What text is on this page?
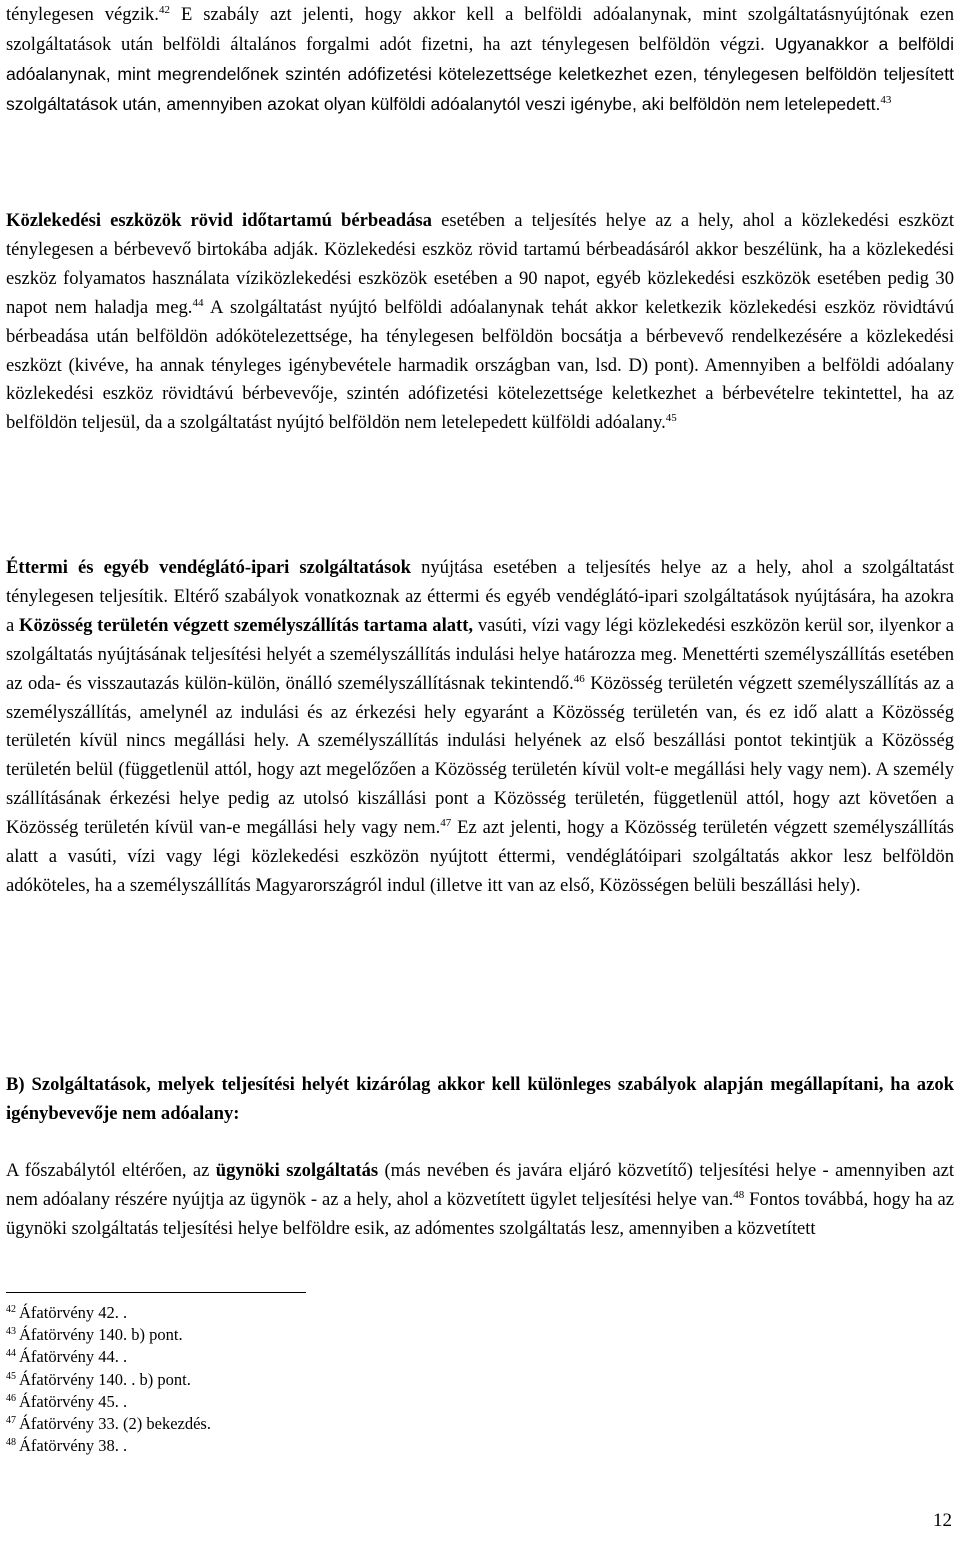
ténylegesen végzik.$^{42}$ E szabály azt jelenti, hogy akkor kell a belföldi adóalanynak, mint szolgáltatásnyújtónak ezen szolgáltatások után belföldi általános forgalmi adót fizetni, ha azt ténylegesen belföldön végzi. Ugyanakkor a belföldi adóalanynak, mint megrendelőnek szintén adófizetési kötelezettsége keletkezhet ezen, ténylegesen belföldön teljesített szolgáltatások után, amennyiben azokat olyan külföldi adóalanytól veszi igénybe, aki belföldön nem letelepedett.$^{43}$

Közlekedési eszközök rövid időtartamú bérbeadása esetében a teljesítés helye az a hely, ahol a közlekedési eszközt ténylegesen a bérbevevő birtokába adják. Közlekedési eszköz rövid tartamú bérbeadásáról akkor beszélünk, ha a közlekedési eszköz folyamatos használata víziközlekedési eszközök esetében a 90 napot, egyéb közlekedési eszközök esetében pedig 30 napot nem haladja meg.$^{44}$ A szolgáltatást nyújtó belföldi adóalanynak tehát akkor keletkezik közlekedési eszköz rövidtávú bérbeadása után belföldön adókötelezettsége, ha ténylegesen belföldön bocsátja a bérbevevő rendelkezésére a közlekedési eszközt (kivéve, ha annak tényleges igénybevétele harmadik országban van, lsd. D) pont). Amennyiben a belföldi adóalany közlekedési eszköz rövidtávú bérbevevője, szintén adófizetési kötelezettsége keletkezhet a bérbevételre tekintettel, ha az belföldön teljesül, da a szolgáltatást nyújtó belföldön nem letelepedett külföldi adóalany.$^{45}$

Éttermi és egyéb vendéglátó-ipari szolgáltatások nyújtása esetében a teljesítés helye az a hely, ahol a szolgáltatást ténylegesen teljesítik. Eltérő szabályok vonatkoznak az éttermi és egyéb vendéglátó-ipari szolgáltatások nyújtására, ha azokra a Közösség területén végzett személyszállítás tartama alatt, vasúti, vízi vagy légi közlekedési eszközön kerül sor, ilyenkor a szolgáltatás nyújtásának teljesítési helyét a személyszállítás indulási helye határozza meg. Menettérti személyszállítás esetében az oda- és visszautazás külön-külön, önálló személyszállításnak tekintendő.$^{46}$ Közösség területén végzett személyszállítás az a személyszállítás, amelynél az indulási és az érkezési hely egyaránt a Közösség területén van, és ez idő alatt a Közösség területén kívül nincs megállási hely. A személyszállítás indulási helyének az első beszállási pontot tekintjük a Közösség területén belül (függetlenül attól, hogy azt megelőzően a Közösség területén kívül volt-e megállási hely vagy nem). A személy szállításának érkezési helye pedig az utolsó kiszállási pont a Közösség területén, függetlenül attól, hogy azt követően a Közösség területén kívül van-e megállási hely vagy nem.$^{47}$ Ez azt jelenti, hogy a Közösség területén végzett személyszállítás alatt a vasúti, vízi vagy légi közlekedési eszközön nyújtott éttermi, vendéglátóipari szolgáltatás akkor lesz belföldön adóköteles, ha a személyszállítás Magyarországról indul (illetve itt van az első, Közösségen belüli beszállási hely).

B) Szolgáltatások, melyek teljesítési helyét kizárólag akkor kell különleges szabályok alapján megállapítani, ha azok igénybevevője nem adóalany:

A főszabálytól eltérően, az ügynöki szolgáltatás (más nevében és javára eljáró közvetítő) teljesítési helye - amennyiben azt nem adóalany részére nyújtja az ügynök - az a hely, ahol a közvetített ügylet teljesítési helye van.$^{48}$ Fontos továbbá, hogy ha az ügynöki szolgáltatás teljesítési helye belföldre esik, az adómentes szolgáltatás lesz, amennyiben a közvetített

$^{42}$ Áfatörvény 42. .
$^{43}$ Áfatörvény 140. b) pont.
$^{44}$ Áfatörvény 44. .
$^{45}$ Áfatörvény 140. . b) pont.
$^{46}$ Áfatörvény 45. .
$^{47}$ Áfatörvény 33. (2) bekezdés.
$^{48}$ Áfatörvény 38. .
12
